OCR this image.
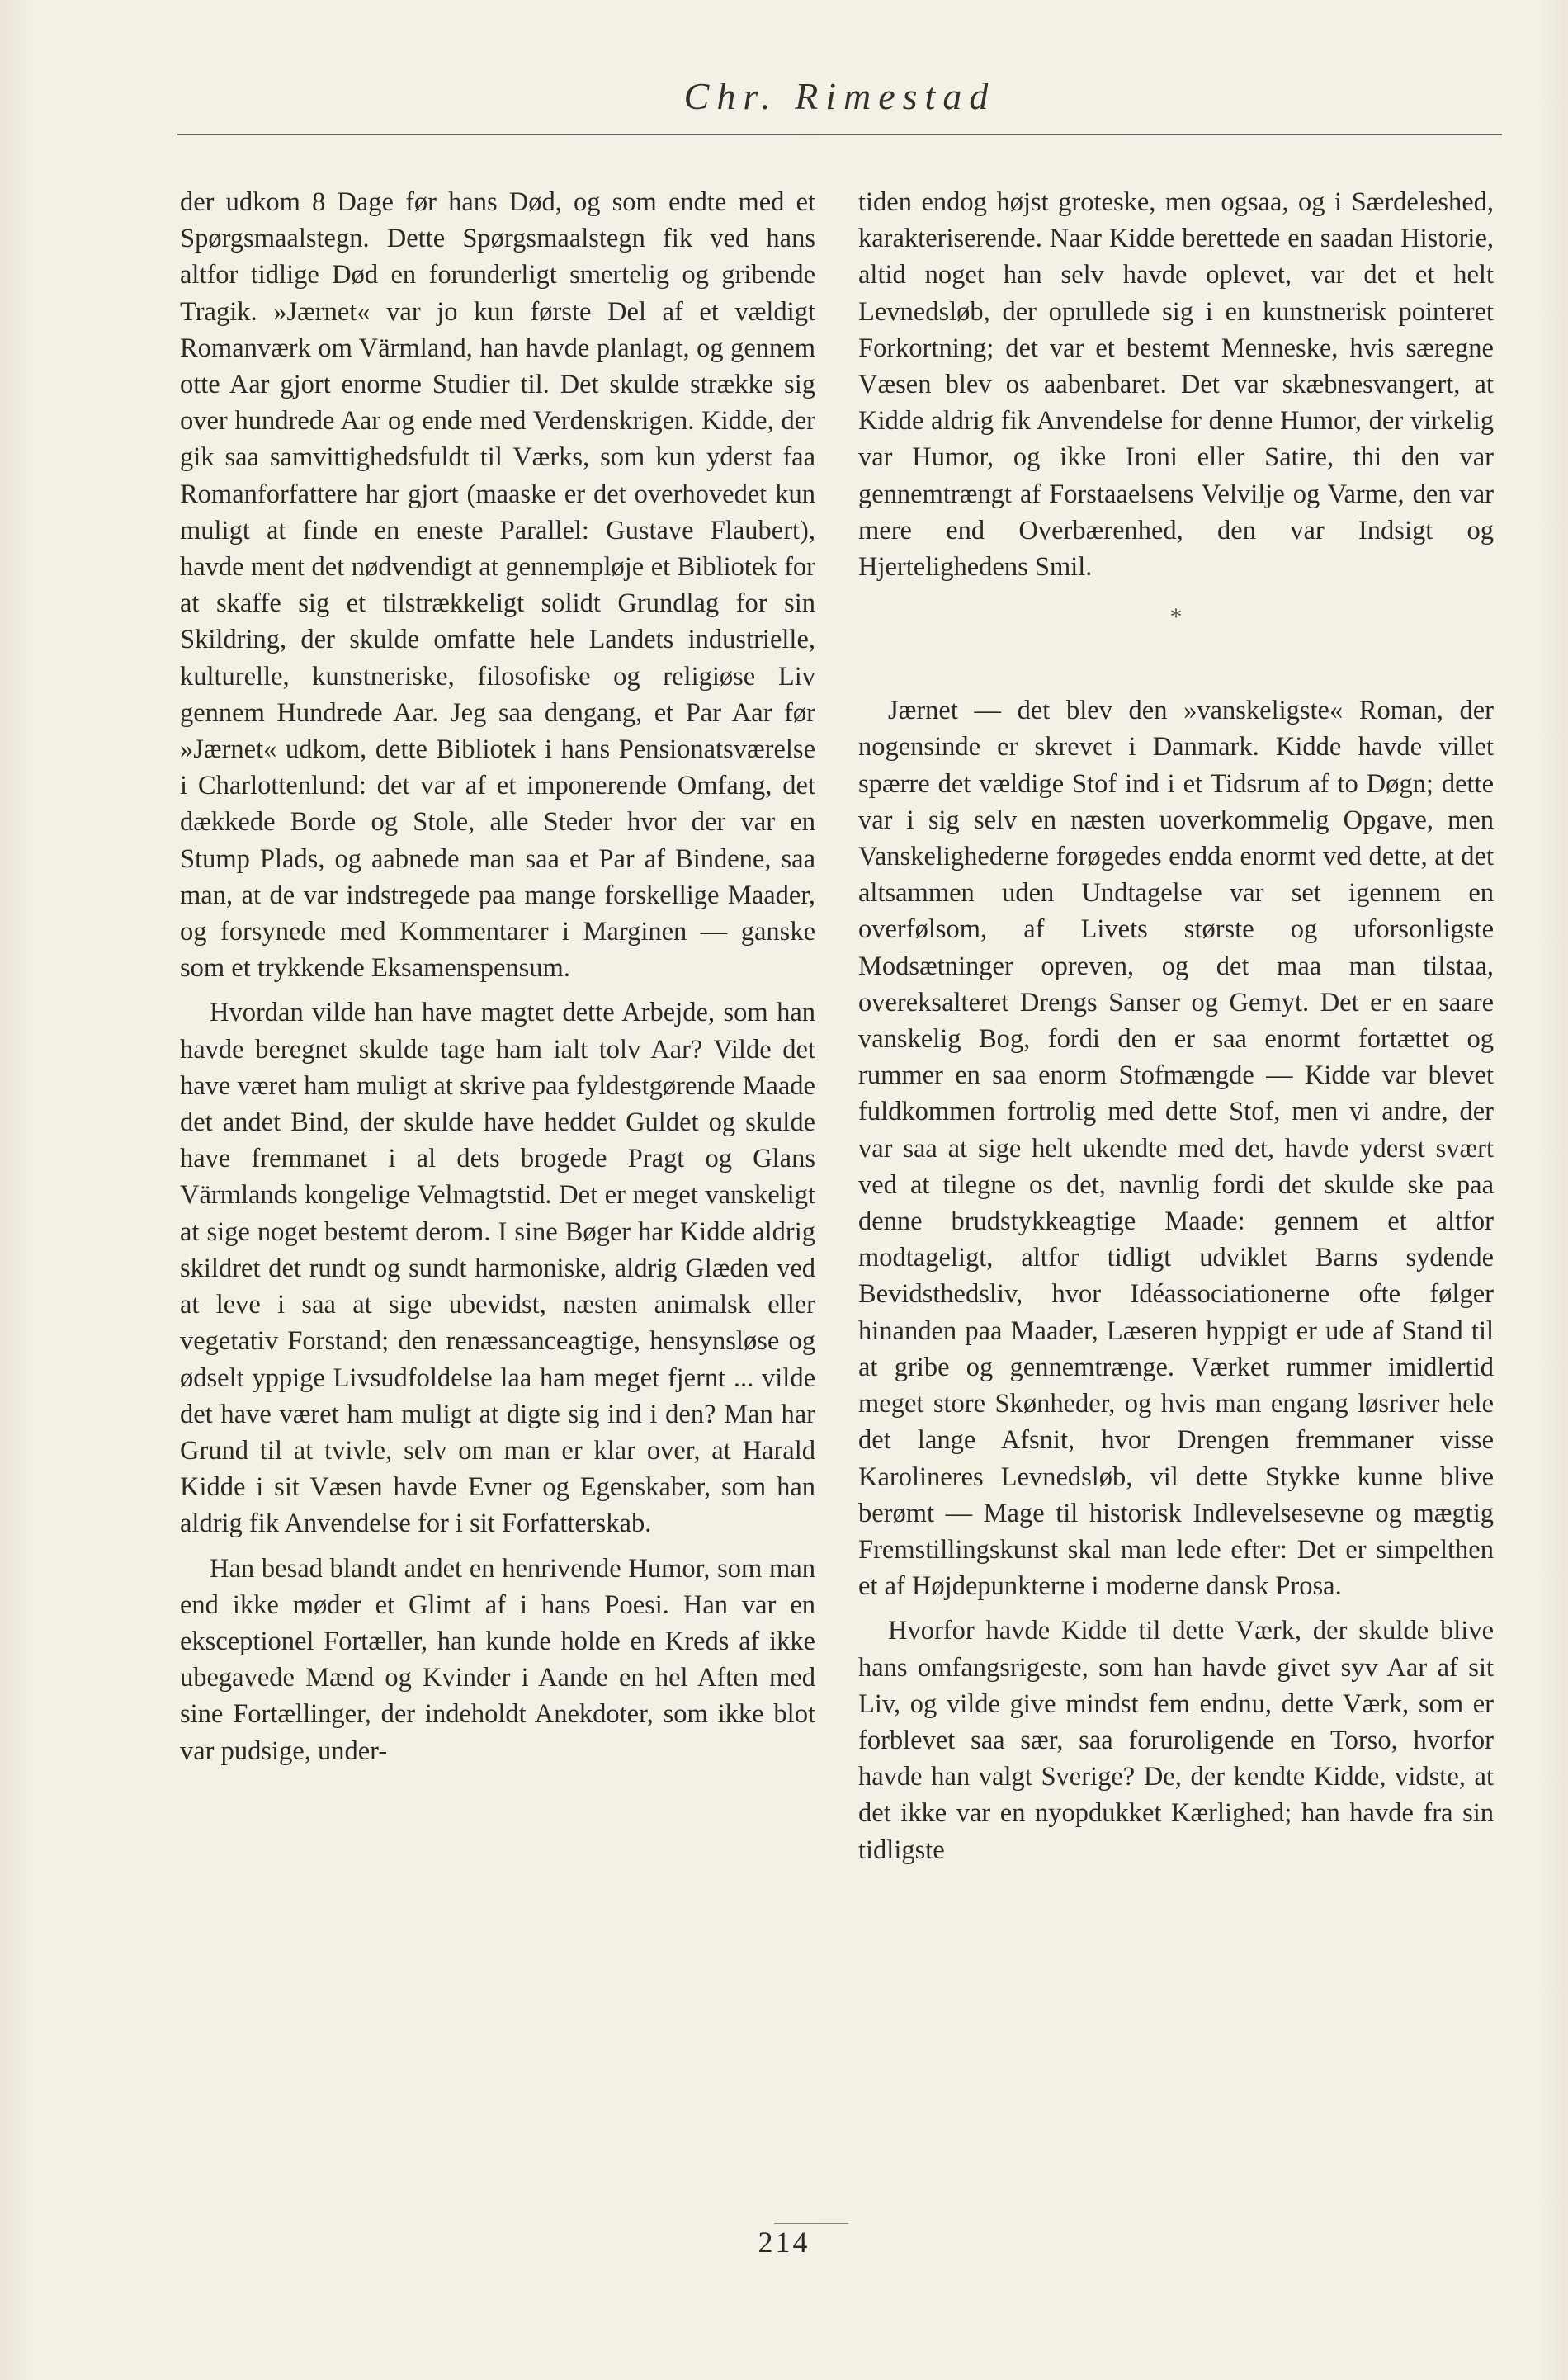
Chr. Rimestad

der udkom 8 Dage før hans Død, og som endte med et Spørgsmaalstegn. Dette Spørgsmaalstegn fik ved hans altfor tidlige Død en forunderligt smertelig og gribende Tragik. »Jærnet« var jo kun første Del af et vældigt Romanværk om Värmland, han havde planlagt, og gennem otte Aar gjort enorme Studier til. Det skulde strække sig over hundrede Aar og ende med Verdenskrigen. Kidde, der gik saa samvittighedsfuldt til Værks, som kun yderst faa Romanforfattere har gjort (maaske er det overhovedet kun muligt at finde en eneste Parallel: Gustave Flaubert), havde ment det nødvendigt at gennempløje et Bibliotek for at skaffe sig et tilstrækkeligt solidt Grundlag for sin Skildring, der skulde omfatte hele Landets industrielle, kulturelle, kunstneriske, filosofiske og religiøse Liv gennem Hundrede Aar. Jeg saa dengang, et Par Aar før »Jærnet« udkom, dette Bibliotek i hans Pensionatsværelse i Charlottenlund: det var af et imponerende Omfang, det dækkede Borde og Stole, alle Steder hvor der var en Stump Plads, og aabnede man saa et Par af Bindene, saa man, at de var indstregede paa mange forskellige Maader, og forsynede med Kommentarer i Marginen — ganske som et trykkende Eksamenspensum.

Hvordan vilde han have magtet dette Arbejde, som han havde beregnet skulde tage ham ialt tolv Aar? Vilde det have været ham muligt at skrive paa fyldestgørende Maade det andet Bind, der skulde have heddet Guldet og skulde have fremmanet i al dets brogede Pragt og Glans Värmlands kongelige Velmagtstid. Det er meget vanskeligt at sige noget bestemt derom. I sine Bøger har Kidde aldrig skildret det rundt og sundt harmoniske, aldrig Glæden ved at leve i saa at sige ubevidst, næsten animalsk eller vegetativ Forstand; den renæssanceagtige, hensynsløse og ødselt yppige Livsudfoldelse laa ham meget fjernt ... vilde det have været ham muligt at digte sig ind i den? Man har Grund til at tvivle, selv om man er klar over, at Harald Kidde i sit Væsen havde Evner og Egenskaber, som han aldrig fik Anvendelse for i sit Forfatterskab.

Han besad blandt andet en henrivende Humor, som man end ikke møder et Glimt af i hans Poesi. Han var en eksceptionel Fortæller, han kunde holde en Kreds af ikke ubegavede Mænd og Kvinder i Aande en hel Aften med sine Fortællinger, der indeholdt Anekdoter, som ikke blot var pudsige, under-

tiden endog højst groteske, men ogsaa, og i Særdeleshed, karakteriserende. Naar Kidde berettede en saadan Historie, altid noget han selv havde oplevet, var det et helt Levnedsløb, der oprullede sig i en kunstnerisk pointeret Forkortning; det var et bestemt Menneske, hvis særegne Væsen blev os aabenbaret. Det var skæbnesvangert, at Kidde aldrig fik Anvendelse for denne Humor, der virkelig var Humor, og ikke Ironi eller Satire, thi den var gennemtrængt af Forstaaelsens Velvilje og Varme, den var mere end Overbærenhed, den var Indsigt og Hjertelighedens Smil.

*

Jærnet — det blev den »vanskeligste« Roman, der nogensinde er skrevet i Danmark. Kidde havde villet spærre det vældige Stof ind i et Tidsrum af to Døgn; dette var i sig selv en næsten uoverkommelig Opgave, men Vanskelighederne forøgedes endda enormt ved dette, at det altsammen uden Undtagelse var set igennem en overfølsom, af Livets største og uforsonligste Modsætninger opreven, og det maa man tilstaa, overeksalteret Drengs Sanser og Gemyt. Det er en saare vanskelig Bog, fordi den er saa enormt fortættet og rummer en saa enorm Stofmængde — Kidde var blevet fuldkommen fortrolig med dette Stof, men vi andre, der var saa at sige helt ukendte med det, havde yderst svært ved at tilegne os det, navnlig fordi det skulde ske paa denne brudstykkeagtige Maade: gennem et altfor modtageligt, altfor tidligt udviklet Barns sydende Bevidsthedsliv, hvor Idéassociationerne ofte følger hinanden paa Maader, Læseren hyppigt er ude af Stand til at gribe og gennemtrænge. Værket rummer imidlertid meget store Skønheder, og hvis man engang løsriver hele det lange Afsnit, hvor Drengen fremmaner visse Karolineres Levnedsløb, vil dette Stykke kunne blive berømt — Mage til historisk Indlevelsesevne og mægtig Fremstillingskunst skal man lede efter: Det er simpelthen et af Højdepunkterne i moderne dansk Prosa.

Hvorfor havde Kidde til dette Værk, der skulde blive hans omfangsrigeste, som han havde givet syv Aar af sit Liv, og vilde give mindst fem endnu, dette Værk, som er forblevet saa sær, saa foruroligende en Torso, hvorfor havde han valgt Sverige? De, der kendte Kidde, vidste, at det ikke var en nyopdukket Kærlighed; han havde fra sin tidligste

214
